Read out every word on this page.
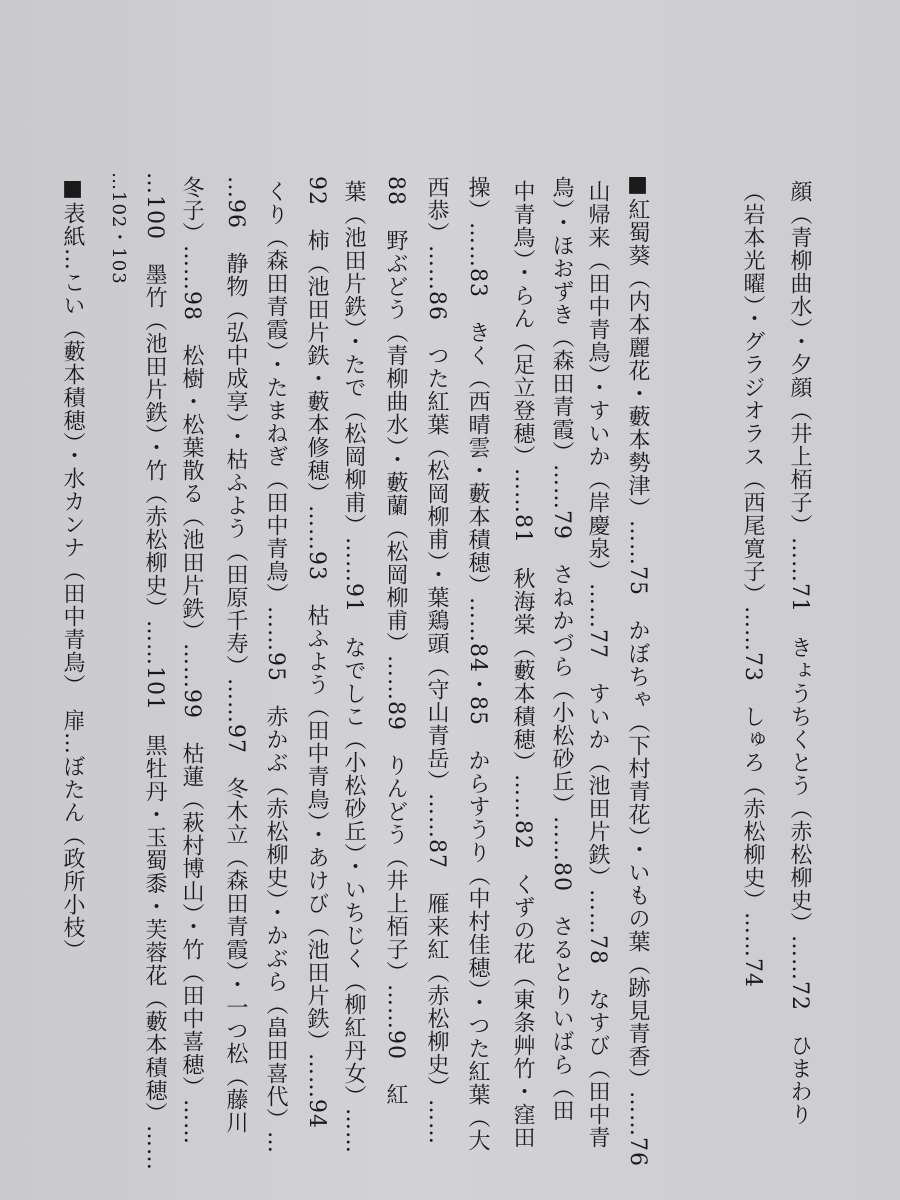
顔（青柳曲水）・夕顔（井上栢子）……71　きょうちくとう（赤松柳史）……72　ひまわり
（岩本光曜）・グラジオラス（西尾寛子）……73　しゅろ（赤松柳史）……74
■紅蜀葵（内本麗花・藪本勢津）……75　かぼちゃ（下村青花）・いもの葉（跡見青香）……76
山帰来（田中青鳥）・すいか（岸慶泉）……77　すいか（池田片鉄）……78　なすび（田中青
鳥）・ほおずき（森田青霞）……79　さねかづら（小松砂丘）……80　さるとりいばら（田
中青鳥）・らん（足立登穂）……81　秋海棠（藪本積穂）……82　くずの花（東条艸竹・窪田
操）……83　きく（西晴雲・藪本積穂）……84・85　からすうり（中村佳穂）・つた紅葉（大
西恭）……86　つた紅葉（松岡柳甫）・葉鶏頭（守山青岳）……87　雁来紅（赤松柳史）……
88　野ぶどう（青柳曲水）・藪蘭（松岡柳甫）……89　りんどう（井上栢子）……90　紅
葉（池田片鉄）・たで（松岡柳甫）……91　なでしこ（小松砂丘）・いちじく（柳紅丹女）……
92　柿（池田片鉄・藪本修穂）……93　枯ふよう（田中青鳥）・あけび（池田片鉄）……94
くり（森田青霞）・たまねぎ（田中青鳥）……95　赤かぶ（赤松柳史）・かぶら（畠田喜代）…
…96　静物（弘中成享）・枯ふよう（田原千寿）……97　冬木立（森田青霞）・一つ松（藤川
冬子）……98　松樹・松葉散る（池田片鉄）……99　枯蓮（萩村博山）・竹（田中喜穂）……
…100　墨竹（池田片鉄）・竹（赤松柳史）……101　黒牡丹・玉蜀黍・芙蓉花（藪本積穂）……
…102・103
■表紙…こい（藪本積穂）・水カンナ（田中青鳥）　扉…ぼたん（政所小枝）
